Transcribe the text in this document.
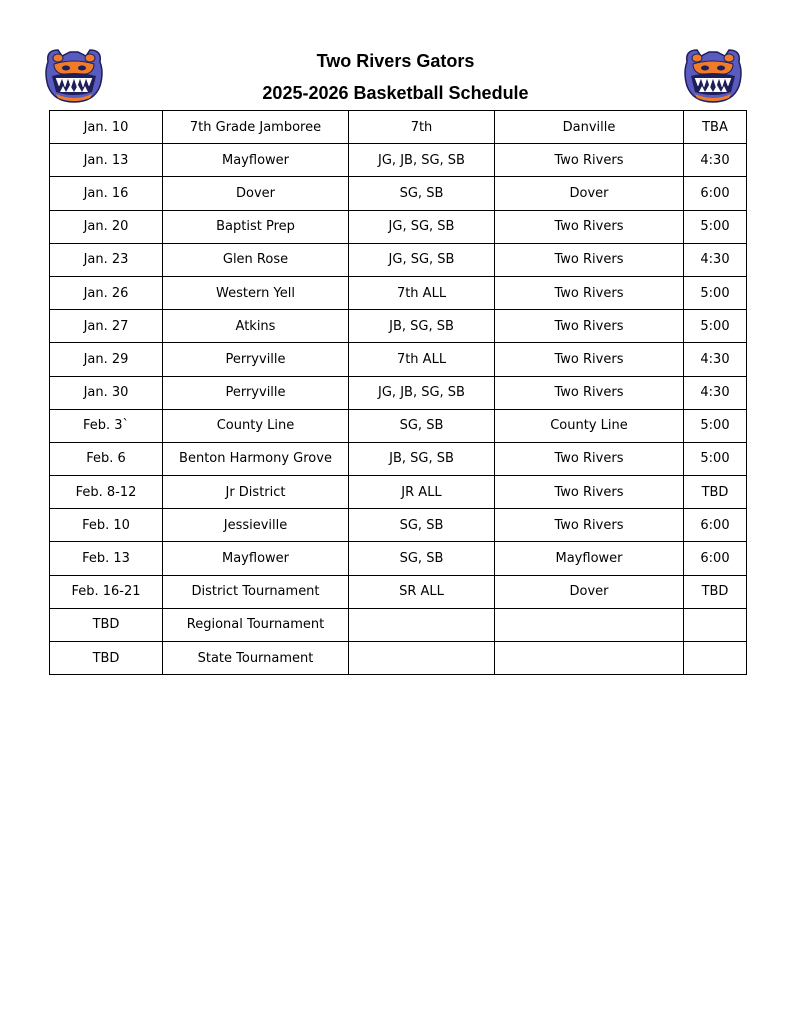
Two Rivers Gators
2025-2026 Basketball Schedule
Jan. 10	7th Grade Jamboree	7th	Danville	TBA
Jan. 13	Mayflower	JG, JB, SG, SB	Two Rivers	4:30
Jan. 16	Dover	SG, SB	Dover	6:00
Jan. 20	Baptist Prep	JG, SG, SB	Two Rivers	5:00
Jan. 23	Glen Rose	JG, SG, SB	Two Rivers	4:30
Jan. 26	Western Yell	7th ALL	Two Rivers	5:00
Jan. 27	Atkins	JB, SG, SB	Two Rivers	5:00
Jan. 29	Perryville	7th ALL	Two Rivers	4:30
Jan. 30	Perryville	JG, JB, SG, SB	Two Rivers	4:30
Feb. 3`	County Line	SG, SB	County Line	5:00
Feb. 6	Benton Harmony Grove	JB, SG, SB	Two Rivers	5:00
Feb. 8-12	Jr District	JR ALL	Two Rivers	TBD
Feb. 10	Jessieville	SG, SB	Two Rivers	6:00
Feb. 13	Mayflower	SG, SB	Mayflower	6:00
Feb. 16-21	District Tournament	SR ALL	Dover	TBD
TBD	Regional Tournament			
TBD	State Tournament			
